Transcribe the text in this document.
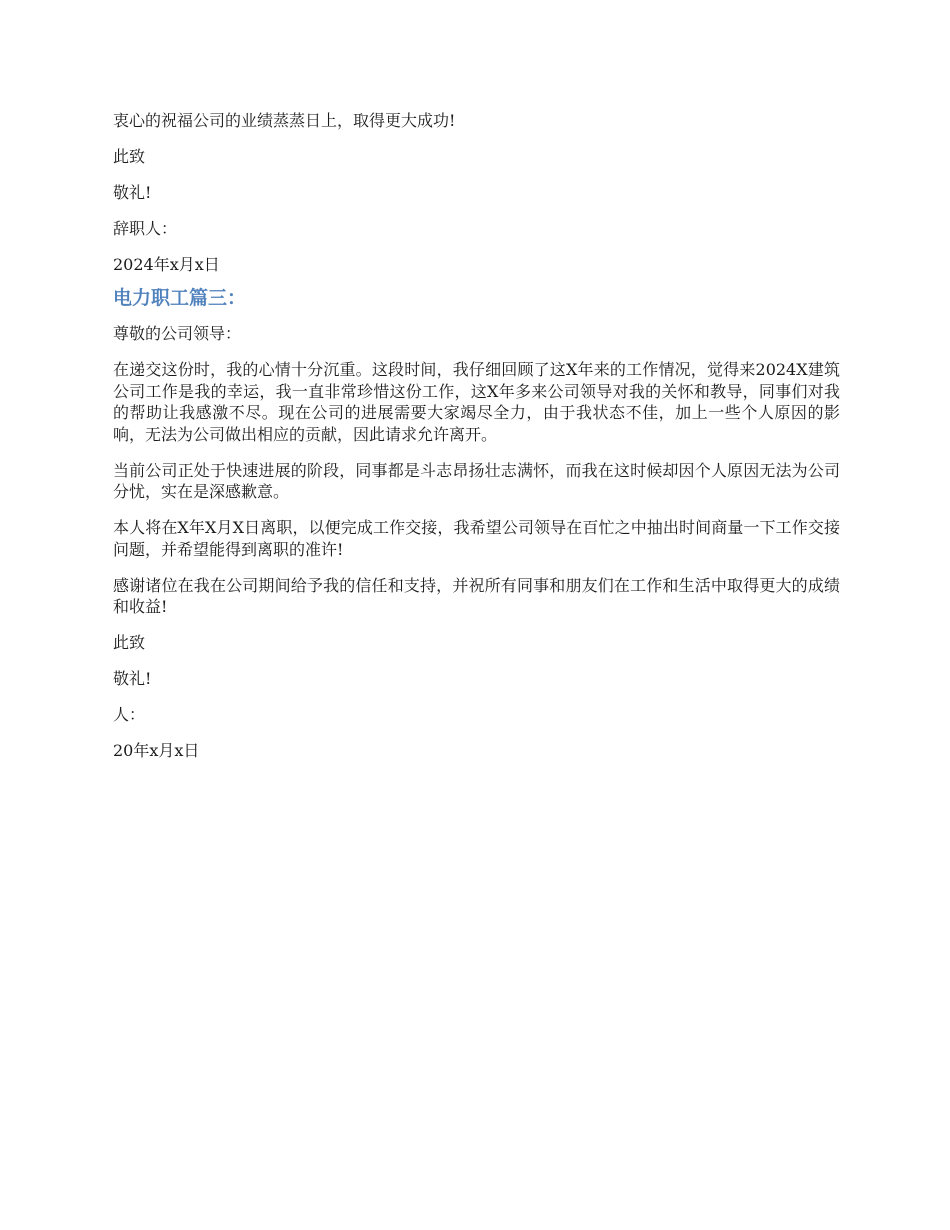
衷心的祝福公司的业绩蒸蒸日上，取得更大成功!

此致

敬礼!

辞职人：

2024年x月x日

电力职工篇三：

尊敬的公司领导：

在递交这份时，我的心情十分沉重。这段时间，我仔细回顾了这X年来的工作情况，觉得来2024X建筑公司工作是我的幸运，我一直非常珍惜这份工作，这X年多来公司领导对我的关怀和教导，同事们对我的帮助让我感激不尽。现在公司的进展需要大家竭尽全力，由于我状态不佳，加上一些个人原因的影响，无法为公司做出相应的贡献，因此请求允许离开。

当前公司正处于快速进展的阶段，同事都是斗志昂扬壮志满怀，而我在这时候却因个人原因无法为公司分忧，实在是深感歉意。

本人将在X年X月X日离职，以便完成工作交接，我希望公司领导在百忙之中抽出时间商量一下工作交接问题，并希望能得到离职的准许!

感谢诸位在我在公司期间给予我的信任和支持，并祝所有同事和朋友们在工作和生活中取得更大的成绩和收益!

此致

敬礼!

人：

20年x月x日
